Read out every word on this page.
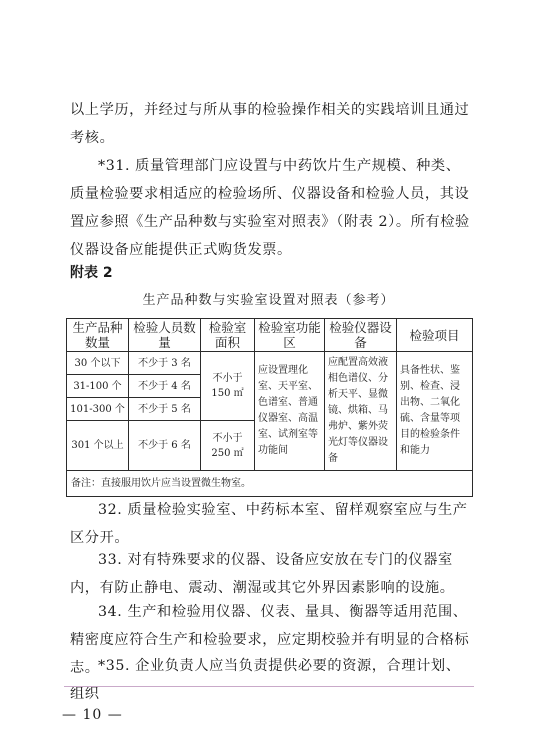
以上学历，并经过与所从事的检验操作相关的实践培训且通过考核。

*31. 质量管理部门应设置与中药饮片生产规模、种类、质量检验要求相适应的检验场所、仪器设备和检验人员，其设置应参照《生产品种数与实验室对照表》（附表 2）。所有检验仪器设备应能提供正式购货发票。

附表 2
生产品种数与实验室设置对照表（参考）
生产品种数量	检验人员数量	检验室面积	检验室功能区	检验仪器设备	检验项目
30 个以下	不少于 3 名	不小于 150 ㎡	应设置理化室、天平室、色谱室、普通仪器室、高温室、试剂室等功能间	应配置高效液相色谱仪、分析天平、显微镜、烘箱、马弗炉、紫外荧光灯等仪器设备	具备性状、鉴别、检查、浸出物、二氧化硫、含量等项目的检验条件和能力
31-100 个	不少于 4 名				
101-300 个	不少于 5 名				
301 个以上	不少于 6 名	不小于 250 ㎡			
备注：直接服用饮片应当设置微生物室。					

32. 质量检验实验室、中药标本室、留样观察室应与生产区分开。

33. 对有特殊要求的仪器、设备应安放在专门的仪器室内，有防止静电、震动、潮湿或其它外界因素影响的设施。

34. 生产和检验用仪器、仪表、量具、衡器等适用范围、精密度应符合生产和检验要求，应定期校验并有明显的合格标志。

*35. 企业负责人应当负责提供必要的资源，合理计划、组织

— 10 —
